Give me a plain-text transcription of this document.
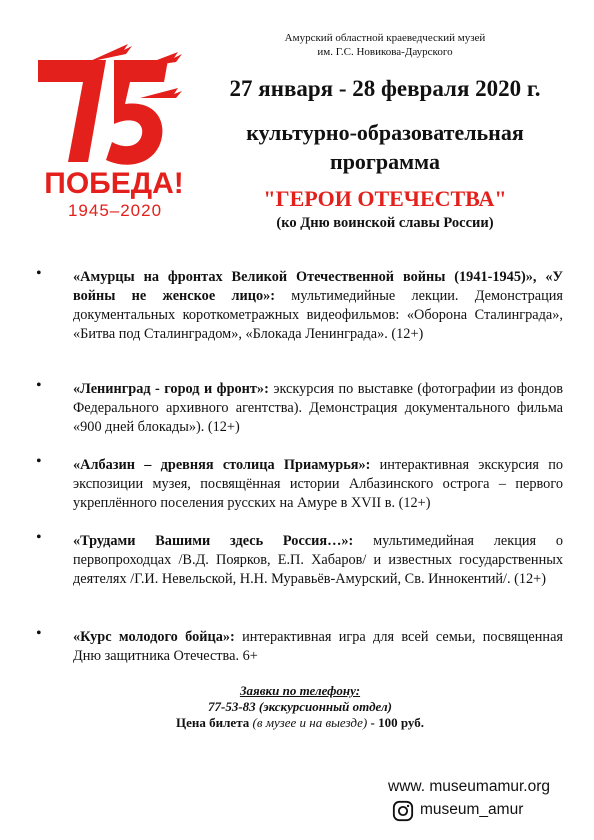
ПОБЕДА!
1945–2020
Амурский областной краеведческий музей
им. Г.С. Новикова-Даурского
27 января - 28 февраля 2020 г.
культурно-образовательная
программа
"ГЕРОИ ОТЕЧЕСТВА"
(ко Дню воинской славы России)
• «Амурцы на фронтах Великой Отечественной войны (1941-1945)», «У войны не женское лицо»: мультимедийные лекции. Демонстрация документальных короткометражных видеофильмов: «Оборона Сталинграда», «Битва под Сталинградом», «Блокада Ленинграда». (12+)
• «Ленинград - город и фронт»: экскурсия по выставке (фотографии из фондов Федерального архивного агентства). Демонстрация документального фильма «900 дней блокады»). (12+)
• «Албазин – древняя столица Приамурья»: интерактивная экскурсия по экспозиции музея, посвящённая истории Албазинского острога – первого укреплённого поселения русских на Амуре в XVII в. (12+)
• «Трудами Вашими здесь Россия…»: мультимедийная лекция о первопроходцах /В.Д. Поярков, Е.П. Хабаров/ и известных государственных деятелях /Г.И. Невельской, Н.Н. Муравьёв-Амурский, Св. Иннокентий/. (12+)
• «Курс молодого бойца»: интерактивная игра для всей семьи, посвященная Дню защитника Отечества. 6+
Заявки по телефону:
77-53-83 (экскурсионный отдел)
Цена билета (в музее и на выезде) - 100 руб.
www. museumamur.org
museum_amur
